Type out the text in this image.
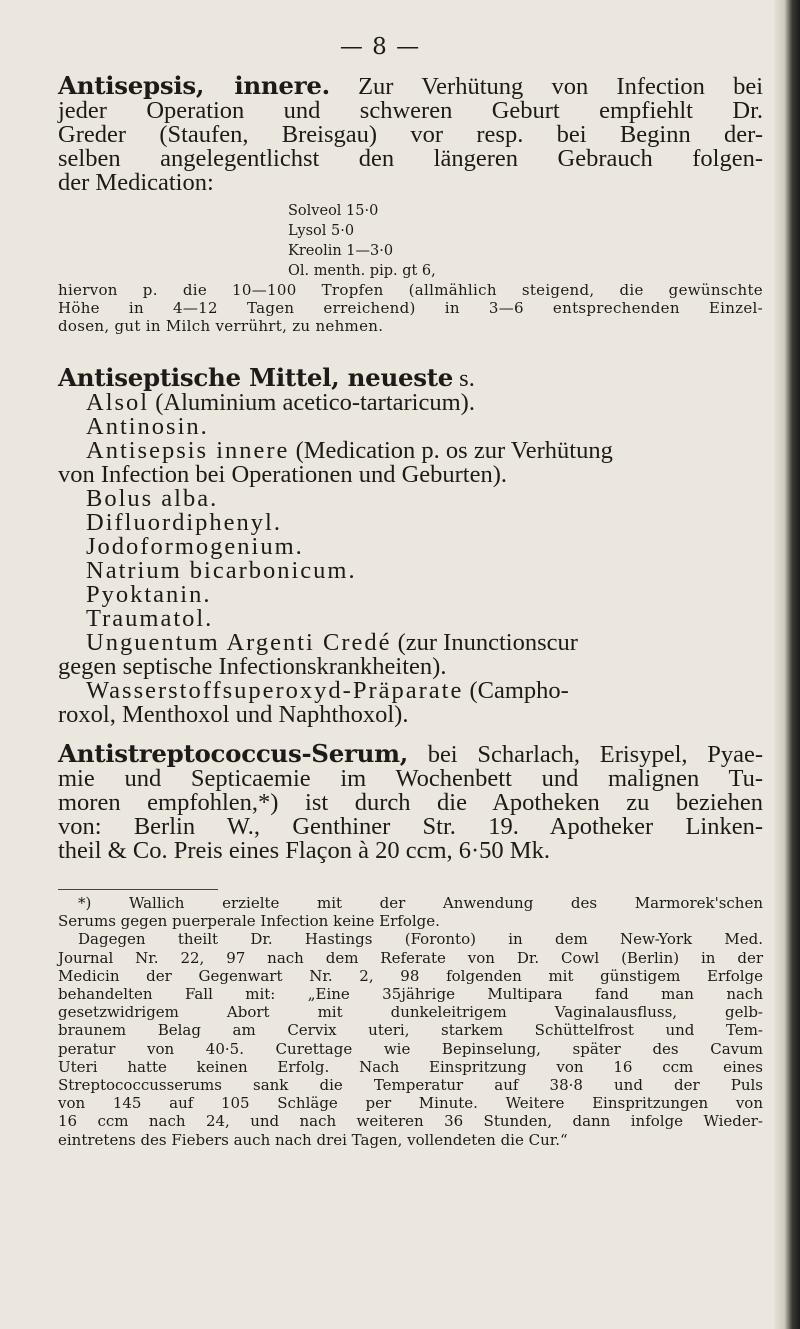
— 8 —
Antisepsis, innere. Zur Verhütung von Infection bei
jeder Operation und schweren Geburt empfiehlt Dr.
Greder (Staufen, Breisgau) vor resp. bei Beginn der-
selben angelegentlichst den längeren Gebrauch folgen-
der Medication:
Solveol 15·0
Lysol 5·0
Kreolin 1—3·0
Ol. menth. pip. gt 6,
hiervon p. die 10—100 Tropfen (allmählich steigend, die gewünschte
Höhe in 4—12 Tagen erreichend) in 3—6 entsprechenden Einzel-
dosen, gut in Milch verrührt, zu nehmen.
Antiseptische Mittel, neueste s.
Alsol (Aluminium acetico-tartaricum).
Antinosin.
Antisepsis innere (Medication p. os zur Verhütung
von Infection bei Operationen und Geburten).
Bolus alba.
Difluordiphenyl.
Jodoformogenium.
Natrium bicarbonicum.
Pyoktanin.
Traumatol.
Unguentum Argenti Credé (zur Inunctionscur
gegen septische Infectionskrankheiten).
Wasserstoffsuperoxyd-Präparate (Campho-
roxol, Menthoxol und Naphthoxol).
Antistreptococcus-Serum, bei Scharlach, Erisypel, Pyae-
mie und Septicaemie im Wochenbett und malignen Tu-
moren empfohlen,*) ist durch die Apotheken zu beziehen
von: Berlin W., Genthiner Str. 19. Apotheker Linken-
theil & Co. Preis eines Flaçon à 20 ccm, 6·50 Mk.
*) Wallich erzielte mit der Anwendung des Marmorek'schen
Serums gegen puerperale Infection keine Erfolge.
Dagegen theilt Dr. Hastings (Foronto) in dem New-York Med.
Journal Nr. 22, 97 nach dem Referate von Dr. Cowl (Berlin) in der
Medicin der Gegenwart Nr. 2, 98 folgenden mit günstigem Erfolge
behandelten Fall mit: „Eine 35jährige Multipara fand man nach
gesetzwidrigem Abort mit dunkeleitrigem Vaginalausfluss, gelb-
braunem Belag am Cervix uteri, starkem Schüttelfrost und Tem-
peratur von 40·5. Curettage wie Bepinselung, später des Cavum
Uteri hatte keinen Erfolg. Nach Einspritzung von 16 ccm eines
Streptococcusserums sank die Temperatur auf 38·8 und der Puls
von 145 auf 105 Schläge per Minute. Weitere Einspritzungen von
16 ccm nach 24, und nach weiteren 36 Stunden, dann infolge Wieder-
eintretens des Fiebers auch nach drei Tagen, vollendeten die Cur.“
